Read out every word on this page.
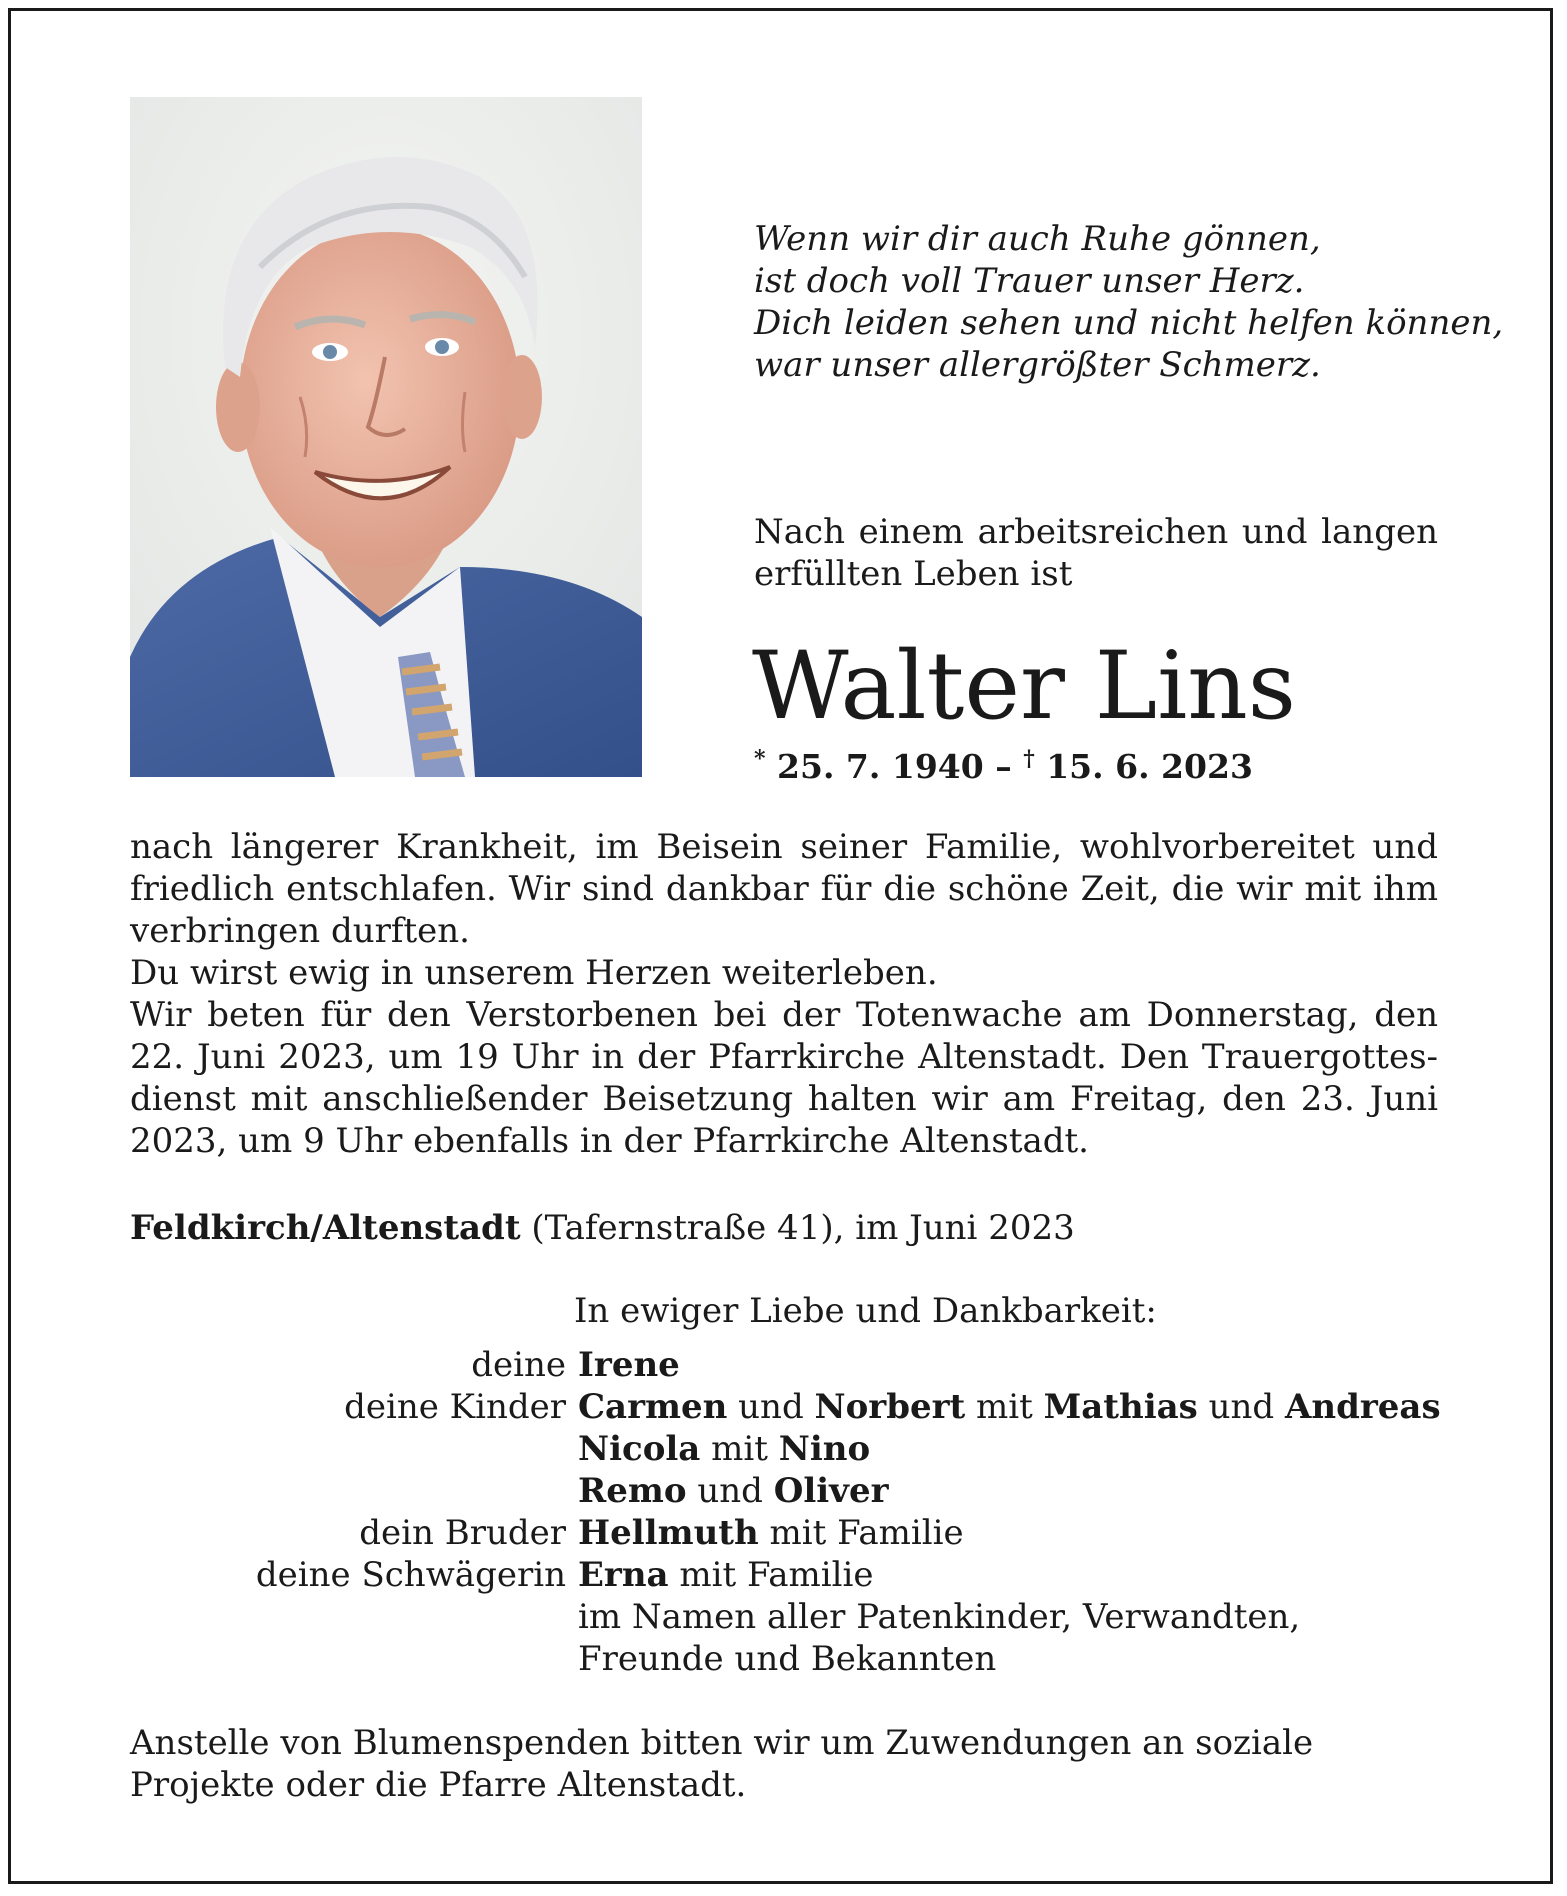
Wenn wir dir auch Ruhe gönnen,
ist doch voll Trauer unser Herz.
Dich leiden sehen und nicht helfen können,
war unser allergrößter Schmerz.
Nach einem arbeitsreichen und langen erfüllten Leben ist
Walter Lins
* 25. 7. 1940 – † 15. 6. 2023
nach längerer Krankheit, im Beisein seiner Familie, wohlvorbereitet und friedlich entschlafen. Wir sind dankbar für die schöne Zeit, die wir mit ihm verbringen durften.
Du wirst ewig in unserem Herzen weiterleben.
Wir beten für den Verstorbenen bei der Totenwache am Donnerstag, den 22. Juni 2023, um 19 Uhr in der Pfarrkirche Altenstadt. Den Trauergottes-dienst mit anschließender Beisetzung halten wir am Freitag, den 23. Juni 2023, um 9 Uhr ebenfalls in der Pfarrkirche Altenstadt.
Feldkirch/Altenstadt (Tafernstraße 41), im Juni 2023
In ewiger Liebe und Dankbarkeit:
deine Irene
deine Kinder Carmen und Norbert mit Mathias und Andreas
Nicola mit Nino
Remo und Oliver
dein Bruder Hellmuth mit Familie
deine Schwägerin Erna mit Familie
im Namen aller Patenkinder, Verwandten, Freunde und Bekannten
Anstelle von Blumenspenden bitten wir um Zuwendungen an soziale Projekte oder die Pfarre Altenstadt.
